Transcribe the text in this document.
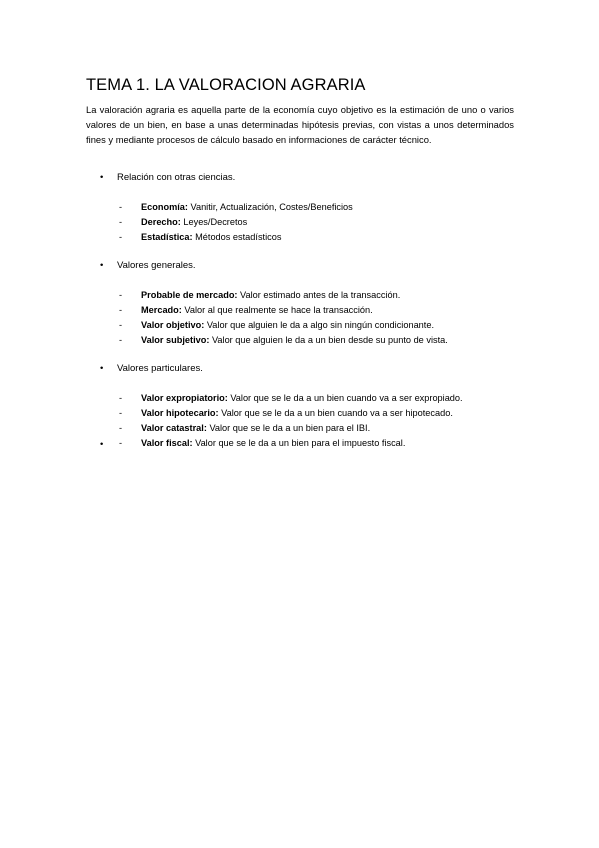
TEMA 1. LA VALORACION AGRARIA
La valoración agraria es aquella parte de la economía cuyo objetivo es la estimación de uno o varios valores de un bien, en base a unas determinadas hipótesis previas, con vistas a unos determinados fines y mediante procesos de cálculo basado en informaciones de carácter técnico.
• Relación con otras ciencias.
- Economía: Vanitir, Actualización, Costes/Beneficios
- Derecho: Leyes/Decretos
- Estadística: Métodos estadísticos
• Valores generales.
- Probable de mercado: Valor estimado antes de la transacción.
- Mercado: Valor al que realmente se hace la transacción.
- Valor objetivo: Valor que alguien le da a algo sin ningún condicionante.
- Valor subjetivo: Valor que alguien le da a un bien desde su punto de vista.
• Valores particulares.
- Valor expropiatorio: Valor que se le da a un bien cuando va a ser expropiado.
- Valor hipotecario: Valor que se le da a un bien cuando va a ser hipotecado.
- Valor catastral: Valor que se le da a un bien para el IBI.
- Valor fiscal: Valor que se le da a un bien para el impuesto fiscal.
•
